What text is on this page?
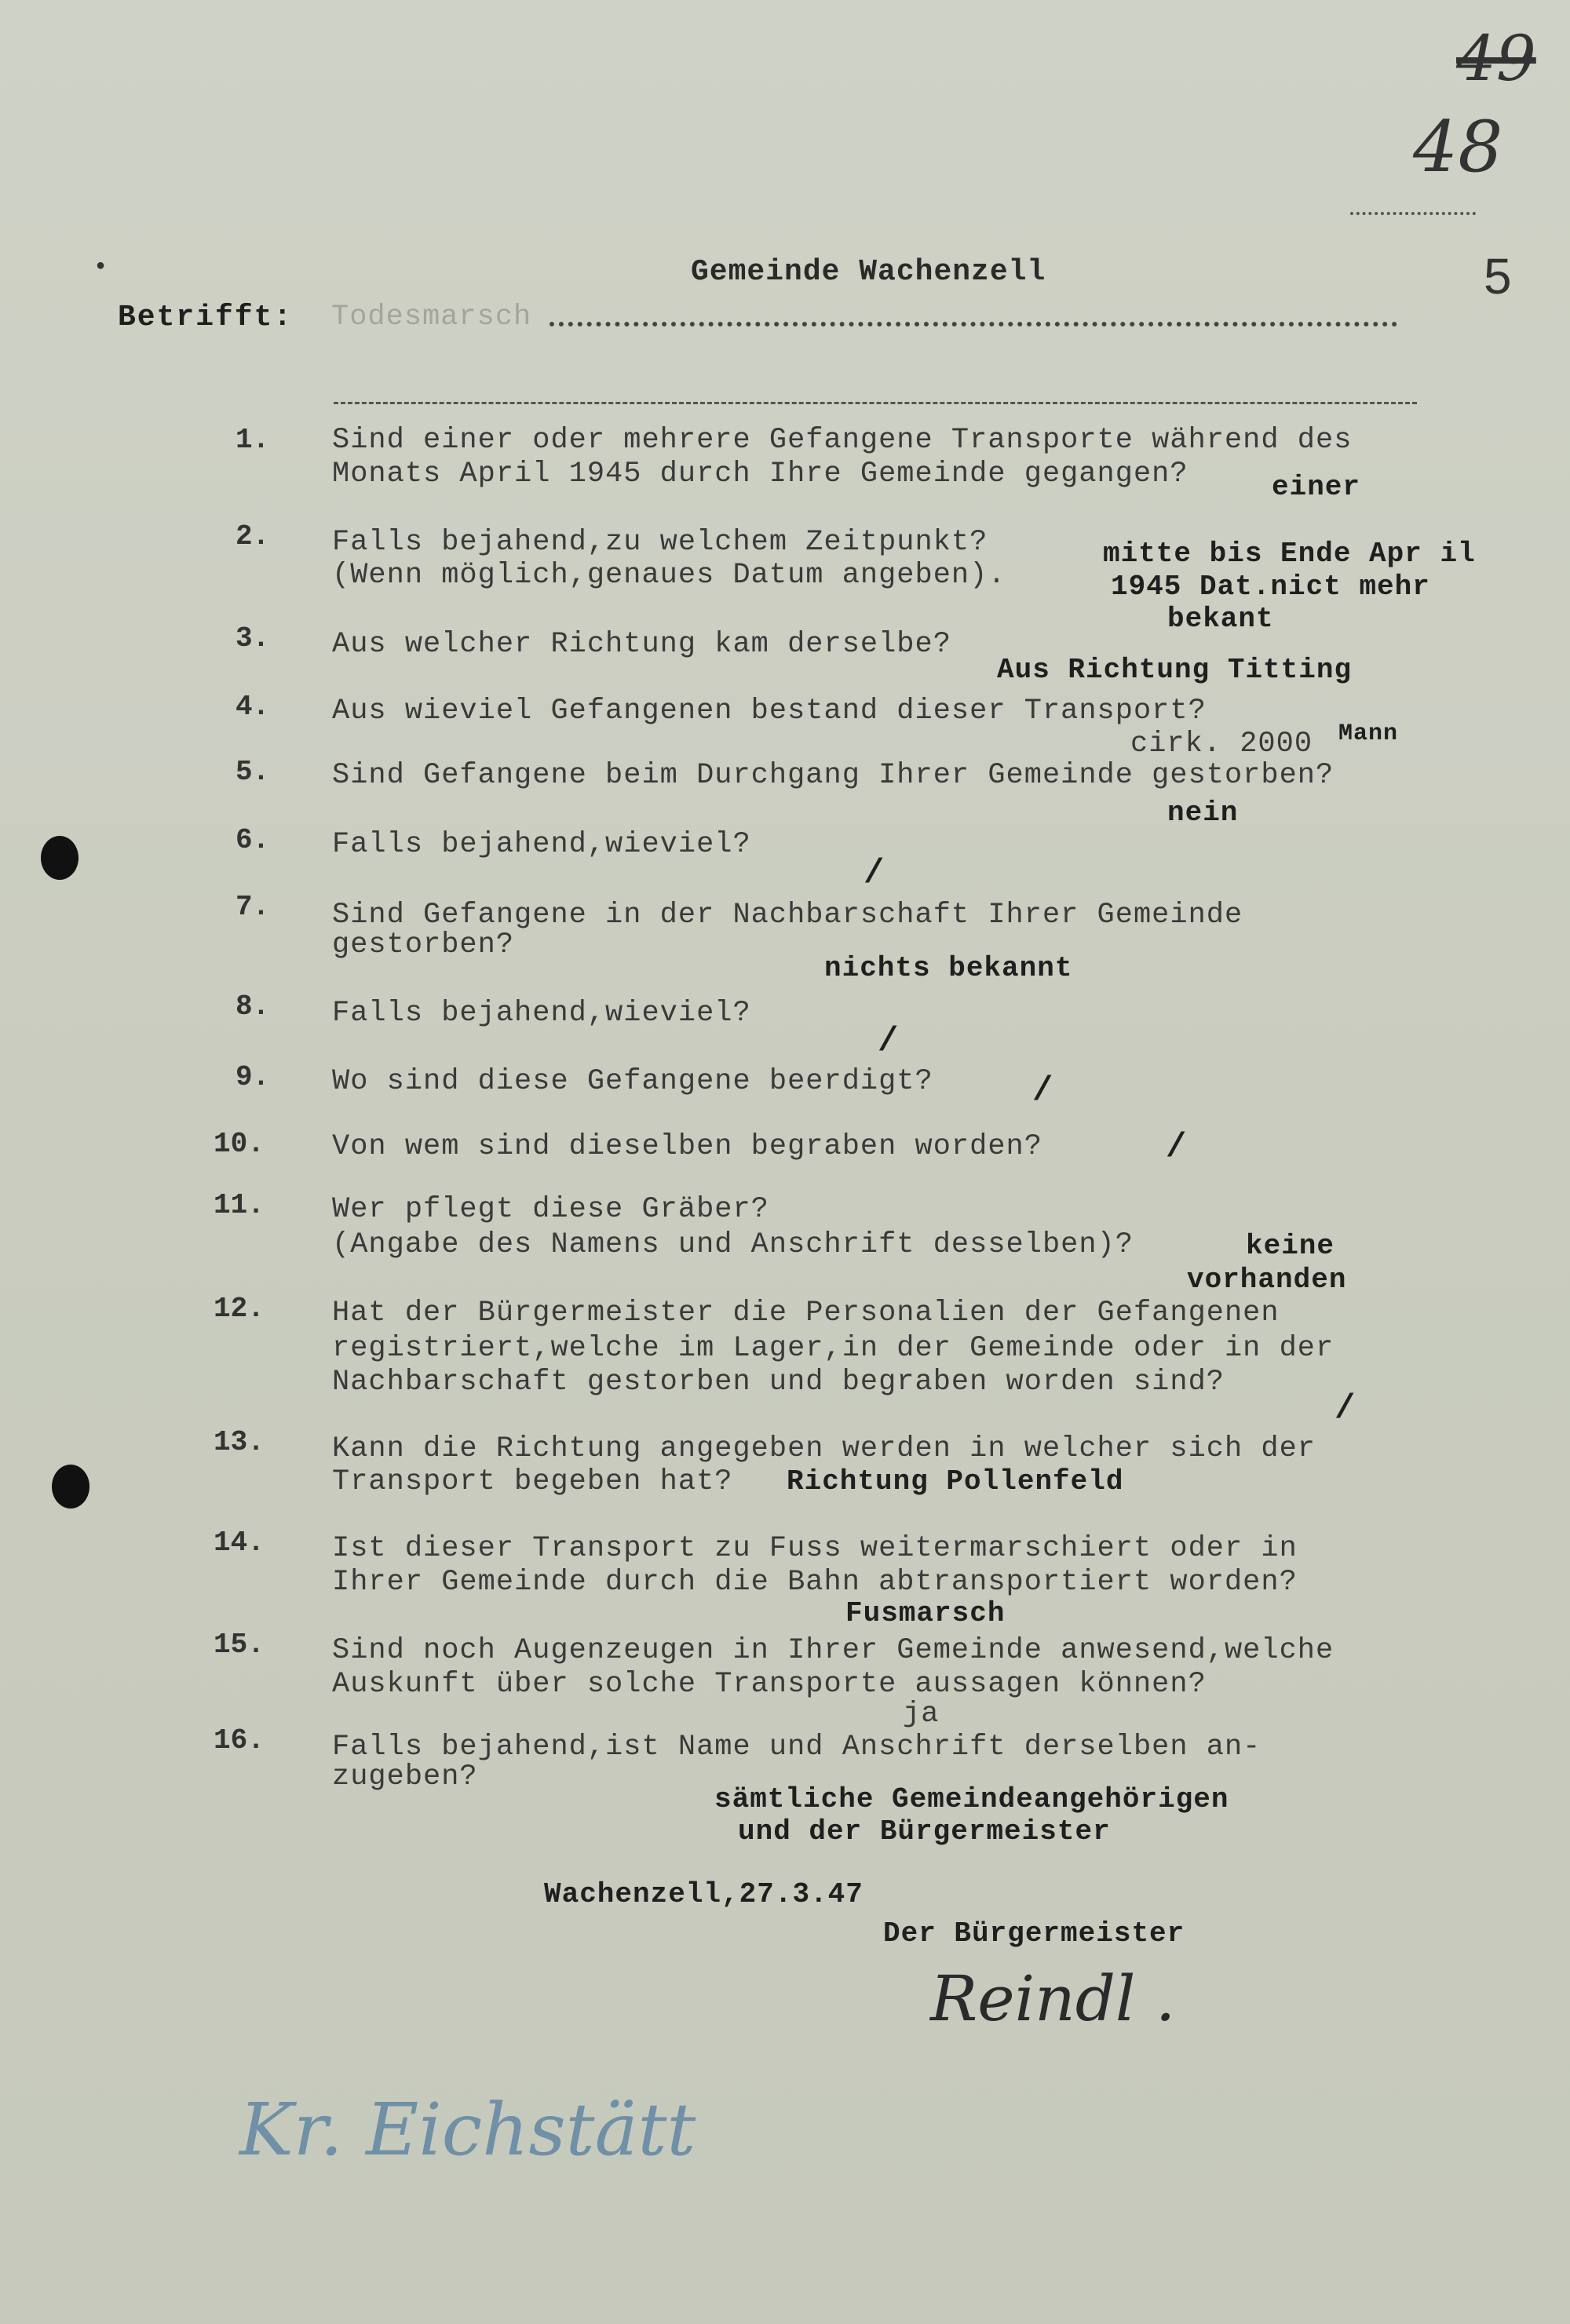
49
48
5
Gemeinde Wachenzell
●
Betrifft: Todesmarsch
1. Sind einer oder mehrere Gefangene Transporte während des
Monats April 1945 durch Ihre Gemeinde gegangen?	einer
2. Falls bejahend,zu welchem Zeitpunkt?
(Wenn möglich,genaues Datum angeben).
mitte bis Ende Apr il
1945 Dat.nict mehr
bekant
3. Aus welcher Richtung kam derselbe?
Aus Richtung Titting
4. Aus wieviel Gefangenen bestand dieser Transport?
cirk. 2000 Mann
5. Sind Gefangene beim Durchgang Ihrer Gemeinde gestorben?
nein
6. Falls bejahend,wieviel?
/
7. Sind Gefangene in der Nachbarschaft Ihrer Gemeinde
gestorben?
nichts bekannt
8. Falls bejahend,wieviel?
/
9. Wo sind diese Gefangene beerdigt?	/
10. Von wem sind dieselben begraben worden?	/
11. Wer pflegt diese Gräber?
(Angabe des Namens und Anschrift desselben)?	keine
vorhanden
12. Hat der Bürgermeister die Personalien der Gefangenen
registriert,welche im Lager,in der Gemeinde oder in der
Nachbarschaft gestorben und begraben worden sind?
/
13. Kann die Richtung angegeben werden in welcher sich der
Transport begeben hat? Richtung Pollenfeld
14. Ist dieser Transport zu Fuss weitermarschiert oder in
Ihrer Gemeinde durch die Bahn abtransportiert worden?
Fusmarsch
15. Sind noch Augenzeugen in Ihrer Gemeinde anwesend,welche
Auskunft über solche Transporte aussagen können?
ja
16. Falls bejahend,ist Name und Anschrift derselben an-
zugeben?
sämtliche Gemeindeangehörigen
und der Bürgermeister
Wachenzell,27.3.47
Der Bürgermeister
Reindl .
Kr. Eichstätt
